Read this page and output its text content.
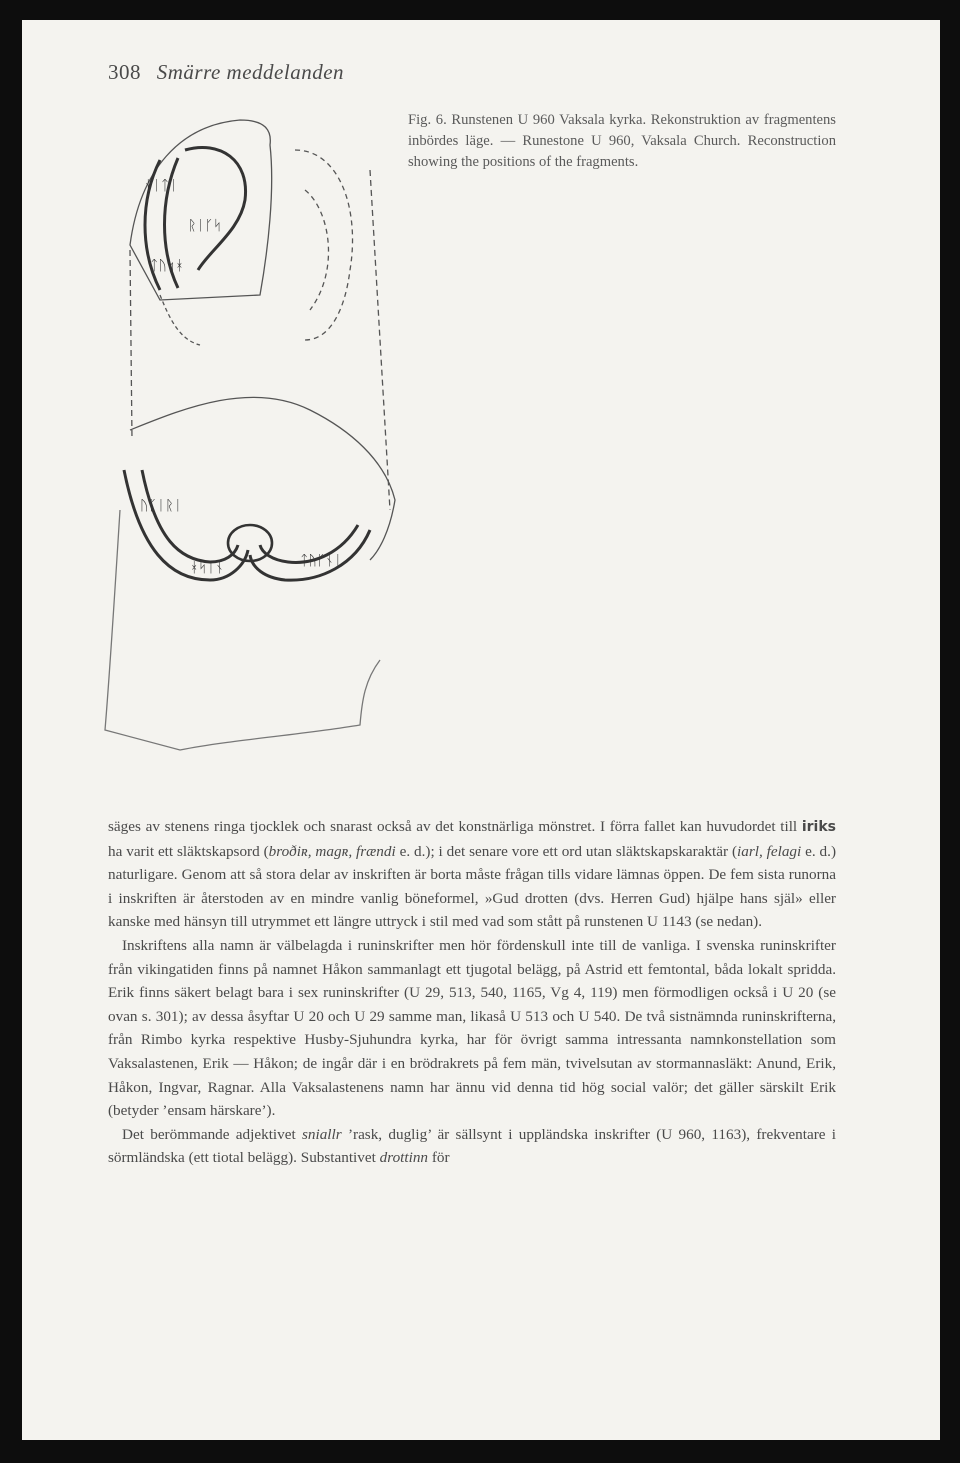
308 Smärre meddelanden
ᚾᛁᛏᛁ
ᚱᛁᚴᛋ
ᛏᚢᛋᚼ
ᚢᚴᛁᚱᛁ
ᚼᛋᛁᚾ	ᛏᚢᚴᚾᛁ
Fig. 6. Runstenen U 960 Vaksala kyrka. Rekonstruktion av fragmentens inbördes läge. — Runestone U 960, Vaksala Church. Reconstruction showing the positions of the fragments.

säges av stenens ringa tjocklek och snarast också av det konstnärliga mönstret. I förra fallet kan huvudordet till iriks ha varit ett släktskapsord (broðiʀ, magʀ, frændi e. d.); i det senare vore ett ord utan släktskapskaraktär (iarl, felagi e. d.) naturligare. Genom att så stora delar av inskriften är borta måste frågan tills vidare lämnas öppen. De fem sista runorna i inskriften är återstoden av en mindre vanlig böneformel, »Gud drotten (dvs. Herren Gud) hjälpe hans själ» eller kanske med hänsyn till utrymmet ett längre uttryck i stil med vad som stått på runstenen U 1143 (se nedan).

Inskriftens alla namn är välbelagda i runinskrifter men hör fördenskull inte till de vanliga. I svenska runinskrifter från vikingatiden finns på namnet Håkon sammanlagt ett tjugotal belägg, på Astrid ett femtontal, båda lokalt spridda. Erik finns säkert belagt bara i sex runinskrifter (U 29, 513, 540, 1165, Vg 4, 119) men förmodligen också i U 20 (se ovan s. 301); av dessa åsyftar U 20 och U 29 samme man, likaså U 513 och U 540. De två sistnämnda runinskrifterna, från Rimbo kyrka respektive Husby-Sjuhundra kyrka, har för övrigt samma intressanta namnkonstellation som Vaksalastenen, Erik — Håkon; de ingår där i en brödrakrets på fem män, tvivelsutan av stormannasläkt: Anund, Erik, Håkon, Ingvar, Ragnar. Alla Vaksalastenens namn har ännu vid denna tid hög social valör; det gäller särskilt Erik (betyder ’ensam härskare’).

Det berömmande adjektivet sniallr ’rask, duglig’ är sällsynt i uppländska inskrifter (U 960, 1163), frekventare i sörmländska (ett tiotal belägg). Substantivet drottinn för
